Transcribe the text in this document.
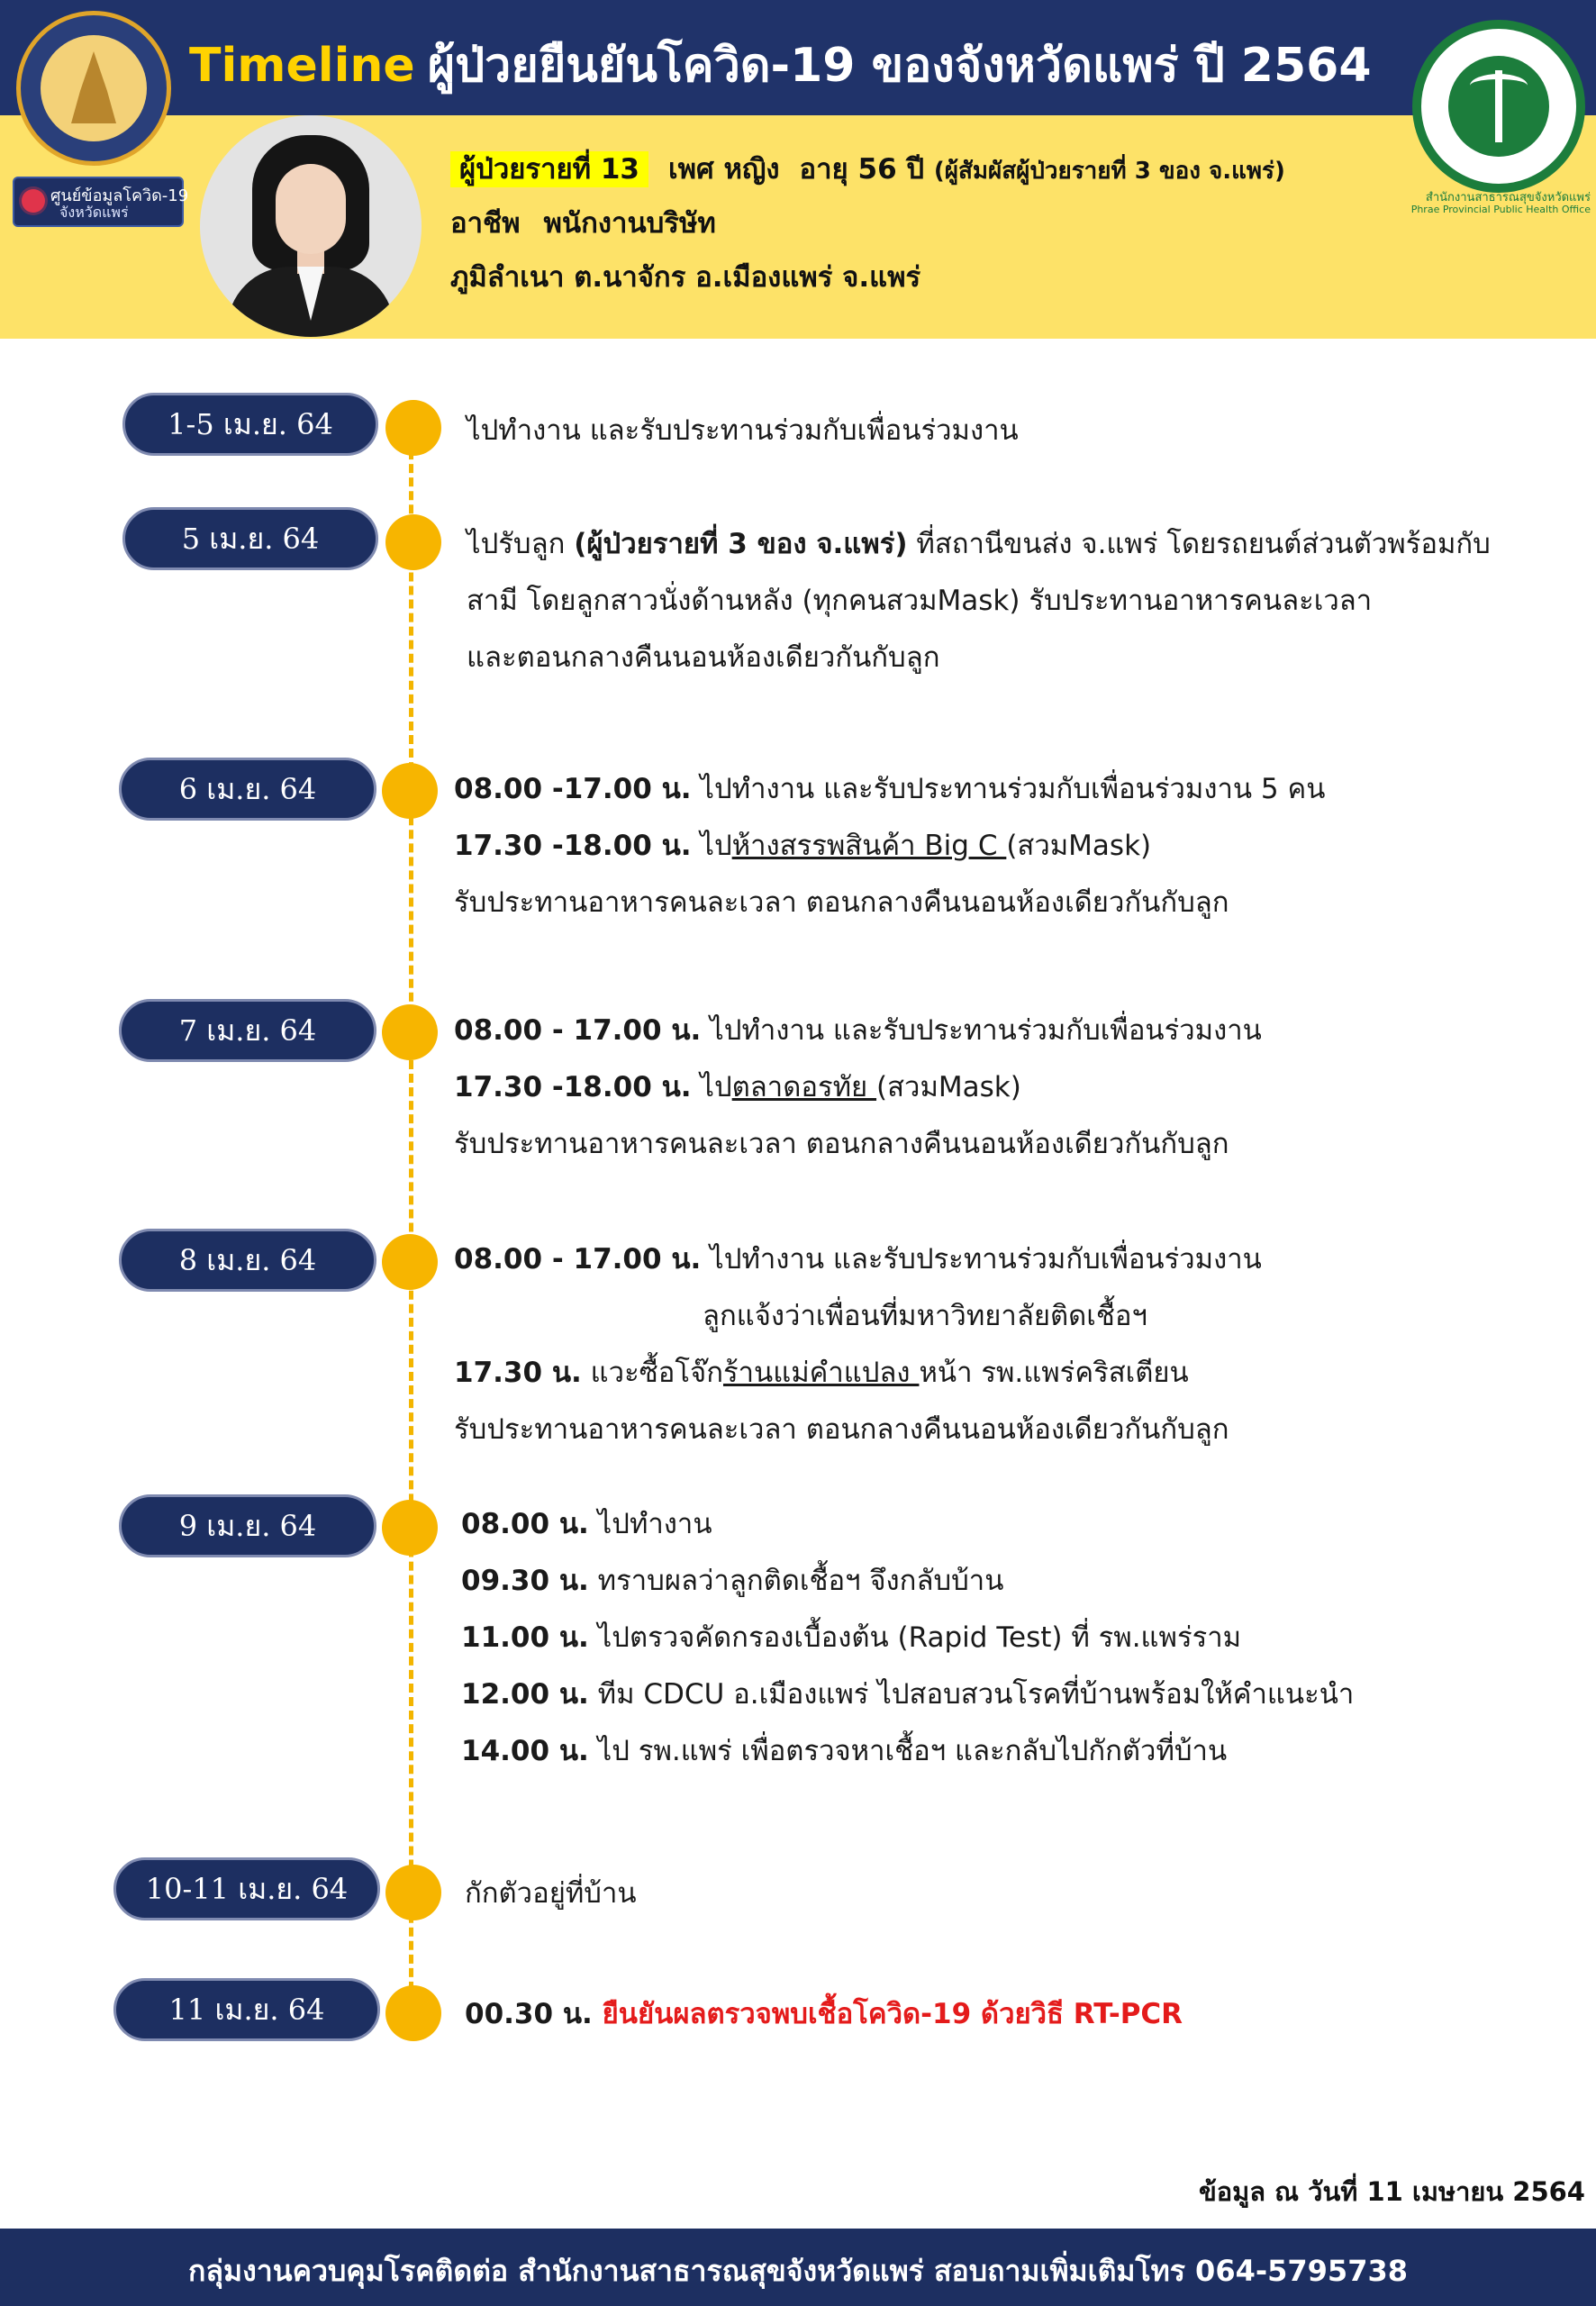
Timeline ผู้ป่วยยืนยันโควิด-19 ของจังหวัดแพร่ ปี 2564
ศูนย์ข้อมูลโควิด-19
จังหวัดแพร่
สำนักงานสาธารณสุขจังหวัดแพร่
Phrae Provincial Public Health Office
ผู้ป่วยรายที่ 13 เพศ หญิง อายุ 56 ปี (ผู้สัมผัสผู้ป่วยรายที่ 3 ของ จ.แพร่)
อาชีพ พนักงานบริษัท
ภูมิลำเนา ต.นาจักร อ.เมืองแพร่ จ.แพร่
1-5 เม.ย. 64	ไปทำงาน และรับประทานร่วมกับเพื่อนร่วมงาน
5 เม.ย. 64	ไปรับลูก (ผู้ป่วยรายที่ 3 ของ จ.แพร่) ที่สถานีขนส่ง จ.แพร่ โดยรถยนต์ส่วนตัวพร้อมกับ
สามี โดยลูกสาวนั่งด้านหลัง (ทุกคนสวมMask) รับประทานอาหารคนละเวลา
และตอนกลางคืนนอนห้องเดียวกันกับลูก
6 เม.ย. 64	08.00 -17.00 น. ไปทำงาน และรับประทานร่วมกับเพื่อนร่วมงาน 5 คน
17.30 -18.00 น. ไปห้างสรรพสินค้า Big C (สวมMask)
รับประทานอาหารคนละเวลา ตอนกลางคืนนอนห้องเดียวกันกับลูก
7 เม.ย. 64	08.00 - 17.00 น. ไปทำงาน และรับประทานร่วมกับเพื่อนร่วมงาน
17.30 -18.00 น. ไปตลาดอรทัย (สวมMask)
รับประทานอาหารคนละเวลา ตอนกลางคืนนอนห้องเดียวกันกับลูก
8 เม.ย. 64	08.00 - 17.00 น. ไปทำงาน และรับประทานร่วมกับเพื่อนร่วมงาน
ลูกแจ้งว่าเพื่อนที่มหาวิทยาลัยติดเชื้อฯ
17.30 น. แวะซื้อโจ๊กร้านแม่คำแปลง หน้า รพ.แพร่คริสเตียน
รับประทานอาหารคนละเวลา ตอนกลางคืนนอนห้องเดียวกันกับลูก
9 เม.ย. 64	08.00 น. ไปทำงาน
09.30 น. ทราบผลว่าลูกติดเชื้อฯ จึงกลับบ้าน
11.00 น. ไปตรวจคัดกรองเบื้องต้น (Rapid Test) ที่ รพ.แพร่ราม
12.00 น. ทีม CDCU อ.เมืองแพร่ ไปสอบสวนโรคที่บ้านพร้อมให้คำแนะนำ
14.00 น. ไป รพ.แพร่ เพื่อตรวจหาเชื้อฯ และกลับไปกักตัวที่บ้าน
10-11 เม.ย. 64	กักตัวอยู่ที่บ้าน
11 เม.ย. 64	00.30 น. ยืนยันผลตรวจพบเชื้อโควิด-19 ด้วยวิธี RT-PCR
ข้อมูล ณ วันที่ 11 เมษายน 2564
กลุ่มงานควบคุมโรคติดต่อ สำนักงานสาธารณสุขจังหวัดแพร่ สอบถามเพิ่มเติมโทร 064-5795738
